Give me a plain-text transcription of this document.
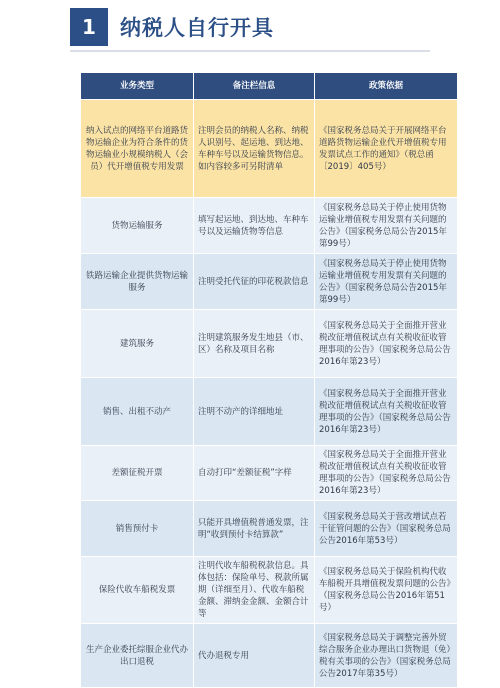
1	纳税人自行开具
业务类型	备注栏信息	政策依据
纳入试点的网络平台道路货物运输企业为符合条件的货物运输业小规模纳税人（会员）代开增值税专用发票	注明会员的纳税人名称、纳税人识别号、起运地、到达地、车种车号以及运输货物信息。如内容较多可另附清单	《国家税务总局关于开展网络平台道路货物运输企业代开增值税专用发票试点工作的通知》（税总函〔2019〕405号）
货物运输服务	填写起运地、到达地、车种车号以及运输货物等信息	《国家税务总局关于停止使用货物运输业增值税专用发票有关问题的公告》（国家税务总局公告2015年第99号）
铁路运输企业提供货物运输服务	注明受托代征的印花税款信息	《国家税务总局关于停止使用货物运输业增值税专用发票有关问题的公告》（国家税务总局公告2015年第99号）
建筑服务	注明建筑服务发生地县（市、区）名称及项目名称	《国家税务总局关于全面推开营业税改征增值税试点有关税收征收管理事项的公告》（国家税务总局公告2016年第23号）
销售、出租不动产	注明不动产的详细地址	《国家税务总局关于全面推开营业税改征增值税试点有关税收征收管理事项的公告》（国家税务总局公告2016年第23号）
差额征税开票	自动打印“差额征税”字样	《国家税务总局关于全面推开营业税改征增值税试点有关税收征收管理事项的公告》（国家税务总局公告2016年第23号）
销售预付卡	只能开具增值税普通发票，注明“收到预付卡结算款”	《国家税务总局关于营改增试点若干征管问题的公告》（国家税务总局公告2016年第53号）
保险代收车船税发票	注明代收车船税税款信息。具体包括：保险单号、税款所属期（详细至月）、代收车船税金额、滞纳金金额、金额合计等	《国家税务总局关于保险机构代收车船税开具增值税发票问题的公告》（国家税务总局公告2016年第51号）
生产企业委托综服企业代办出口退税	代办退税专用	《国家税务总局关于调整完善外贸综合服务企业办理出口货物退（免）税有关事项的公告》（国家税务总局公告2017年第35号）
